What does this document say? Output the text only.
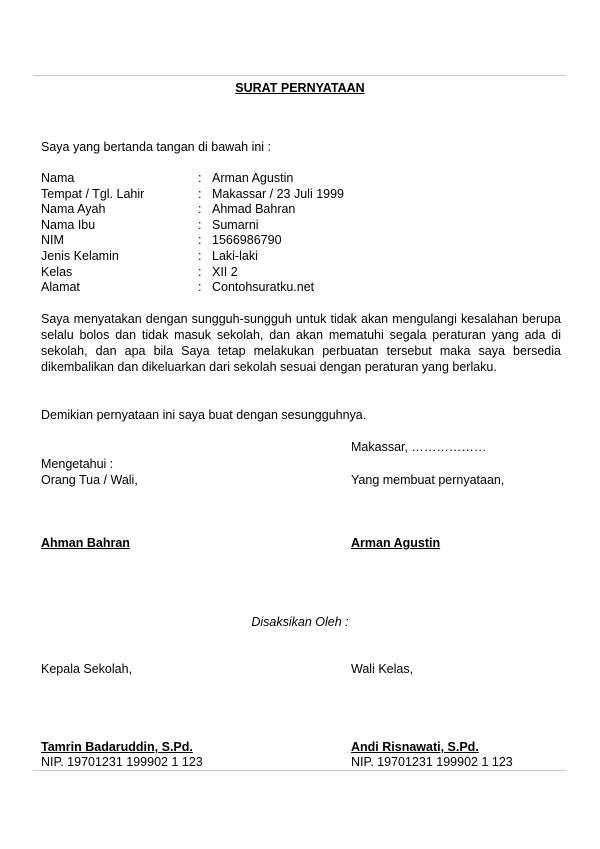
SURAT PERNYATAAN
Saya yang bertanda tangan di bawah ini :
Nama	: Arman Agustin
Tempat / Tgl. Lahir	: Makassar / 23 Juli 1999
Nama Ayah	: Ahmad Bahran
Nama Ibu	: Sumarni
NIM	: 1566986790
Jenis Kelamin	: Laki-laki
Kelas	: XII 2
Alamat	: Contohsuratku.net
Saya menyatakan dengan sungguh-sungguh untuk tidak akan mengulangi kesalahan berupa selalu bolos dan tidak masuk sekolah, dan akan mematuhi segala peraturan yang ada di sekolah, dan apa bila Saya tetap melakukan perbuatan tersebut maka saya bersedia dikembalikan dan dikeluarkan dari sekolah sesuai dengan peraturan yang berlaku.
Demikian pernyataan ini saya buat dengan sesungguhnya.
Makassar, ………………
Mengetahui :
Orang Tua / Wali,	Yang membuat pernyataan,
Ahman Bahran	Arman Agustin
Disaksikan Oleh :
Kepala Sekolah,	Wali Kelas,
Tamrin Badaruddin, S.Pd.	Andi Risnawati, S.Pd.
NIP. 19701231 199902 1 123	NIP. 19701231 199902 1 123
